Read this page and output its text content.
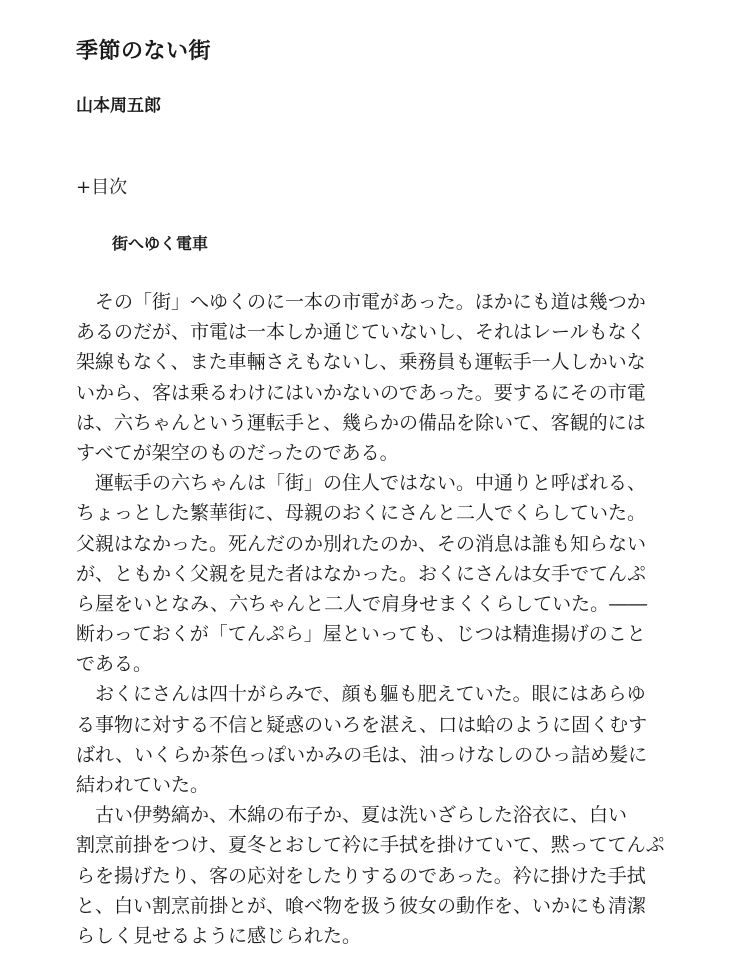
季節のない街
山本周五郎
+目次
街へゆく電車
その「街」へゆくのに一本の市電があった。ほかにも道は幾つか
あるのだが、市電は一本しか通じていないし、それはレールもなく
架線もなく、また車輛さえもないし、乗務員も運転手一人しかいな
いから、客は乗るわけにはいかないのであった。要するにその市電
は、六ちゃんという運転手と、幾らかの備品を除いて、客観的には
すべてが架空のものだったのである。
運転手の六ちゃんは「街」の住人ではない。中通りと呼ばれる、
ちょっとした繁華街に、母親のおくにさんと二人でくらしていた。
父親はなかった。死んだのか別れたのか、その消息は誰も知らない
が、ともかく父親を見た者はなかった。おくにさんは女手でてんぷ
ら屋をいとなみ、六ちゃんと二人で肩身せまくくらしていた。――
断わっておくが「てんぷら」屋といっても、じつは精進揚げのこと
である。
おくにさんは四十がらみで、顔も軀も肥えていた。眼にはあらゆ
る事物に対する不信と疑惑のいろを湛え、口は蛤のように固くむす
ばれ、いくらか茶色っぽいかみの毛は、油っけなしのひっ詰め髪に
結われていた。
古い伊勢縞か、木綿の布子か、夏は洗いざらした浴衣に、白い
割烹前掛をつけ、夏冬とおして衿に手拭を掛けていて、黙っててんぷ
らを揚げたり、客の応対をしたりするのであった。衿に掛けた手拭
と、白い割烹前掛とが、喰べ物を扱う彼女の動作を、いかにも清潔
らしく見せるように感じられた。
